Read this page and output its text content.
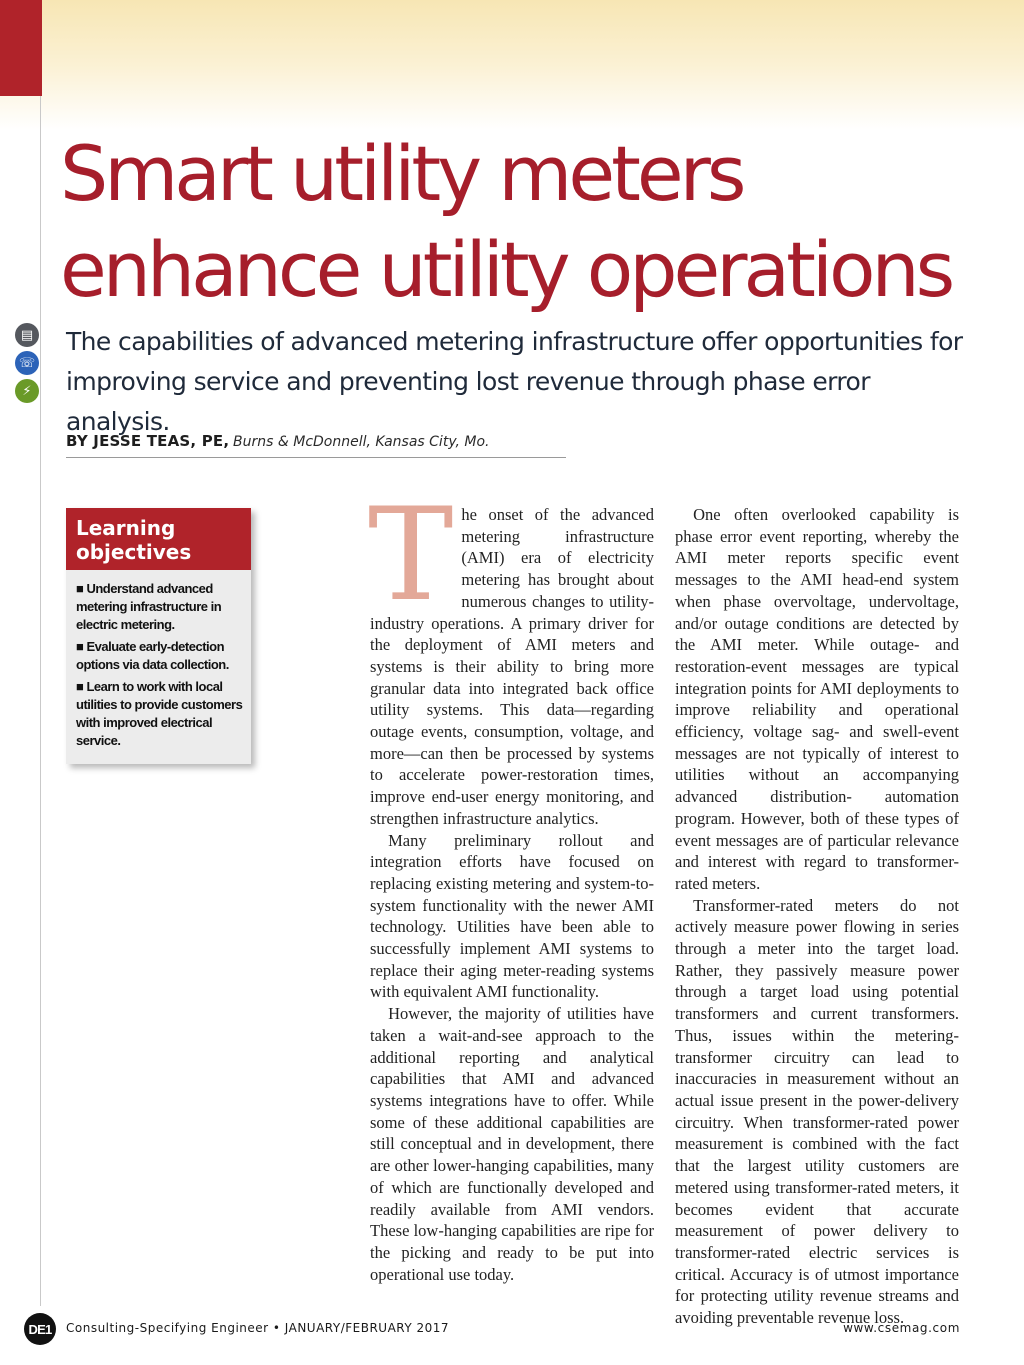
Smart utility meters
enhance utility operations
▤
☏
⚡

The capabilities of advanced metering infrastructure offer opportunities for improving service and preventing lost revenue through phase error analysis.

BY JESSE TEAS, PE, Burns & McDonnell, Kansas City, Mo.

Learning objectives
■ Understand advanced metering infrastructure in electric metering.
■ Evaluate early-detection options via data collection.
■ Learn to work with local utilities to provide customers with improved electrical service.
T he onset of the advanced metering infrastructure (AMI) era of electricity metering has brought about numerous changes to utility-industry operations. A primary driver for the deployment of AMI meters and systems is their ability to bring more granular data into integrated back office utility systems. This data—regarding outage events, consumption, voltage, and more—can then be processed by systems to accelerate power-restoration times, improve end-user energy monitoring, and strengthen infrastructure analytics.

Many preliminary rollout and integration efforts have focused on replacing existing metering and system-to-system functionality with the newer AMI technology. Utilities have been able to successfully implement AMI systems to replace their aging meter-reading systems with equivalent AMI functionality.

However, the majority of utilities have taken a wait-and-see approach to the additional reporting and analytical capabilities that AMI and advanced systems integrations have to offer. While some of these additional capabilities are still conceptual and in development, there are other lower-hanging capabilities, many of which are functionally developed and readily available from AMI vendors. These low-hanging capabilities are ripe for the picking and ready to be put into operational use today.

One often overlooked capability is phase error event reporting, whereby the AMI meter reports specific event messages to the AMI head-end system when phase overvoltage, undervoltage, and/or outage conditions are detected by the AMI meter. While outage- and restoration-event messages are typical integration points for AMI deployments to improve reliability and operational efficiency, voltage sag- and swell-event messages are not typically of interest to utilities without an accompanying advanced distribution- automation program. However, both of these types of event messages are of particular relevance and interest with regard to transformer-rated meters.

Transformer-rated meters do not actively measure power flowing in series through a meter into the target load. Rather, they passively measure power through a target load using potential transformers and current transformers. Thus, issues within the metering-transformer circuitry can lead to inaccuracies in measurement without an actual issue present in the power-delivery circuitry. When transformer-rated power measurement is combined with the fact that the largest utility customers are metered using transformer-rated meters, it becomes evident that accurate measurement of power delivery to transformer-rated electric services is critical. Accuracy is of utmost importance for protecting utility revenue streams and avoiding preventable revenue loss.

DE1	Consulting-Specifying Engineer • JANUARY/FEBRUARY 2017	www.csemag.com
